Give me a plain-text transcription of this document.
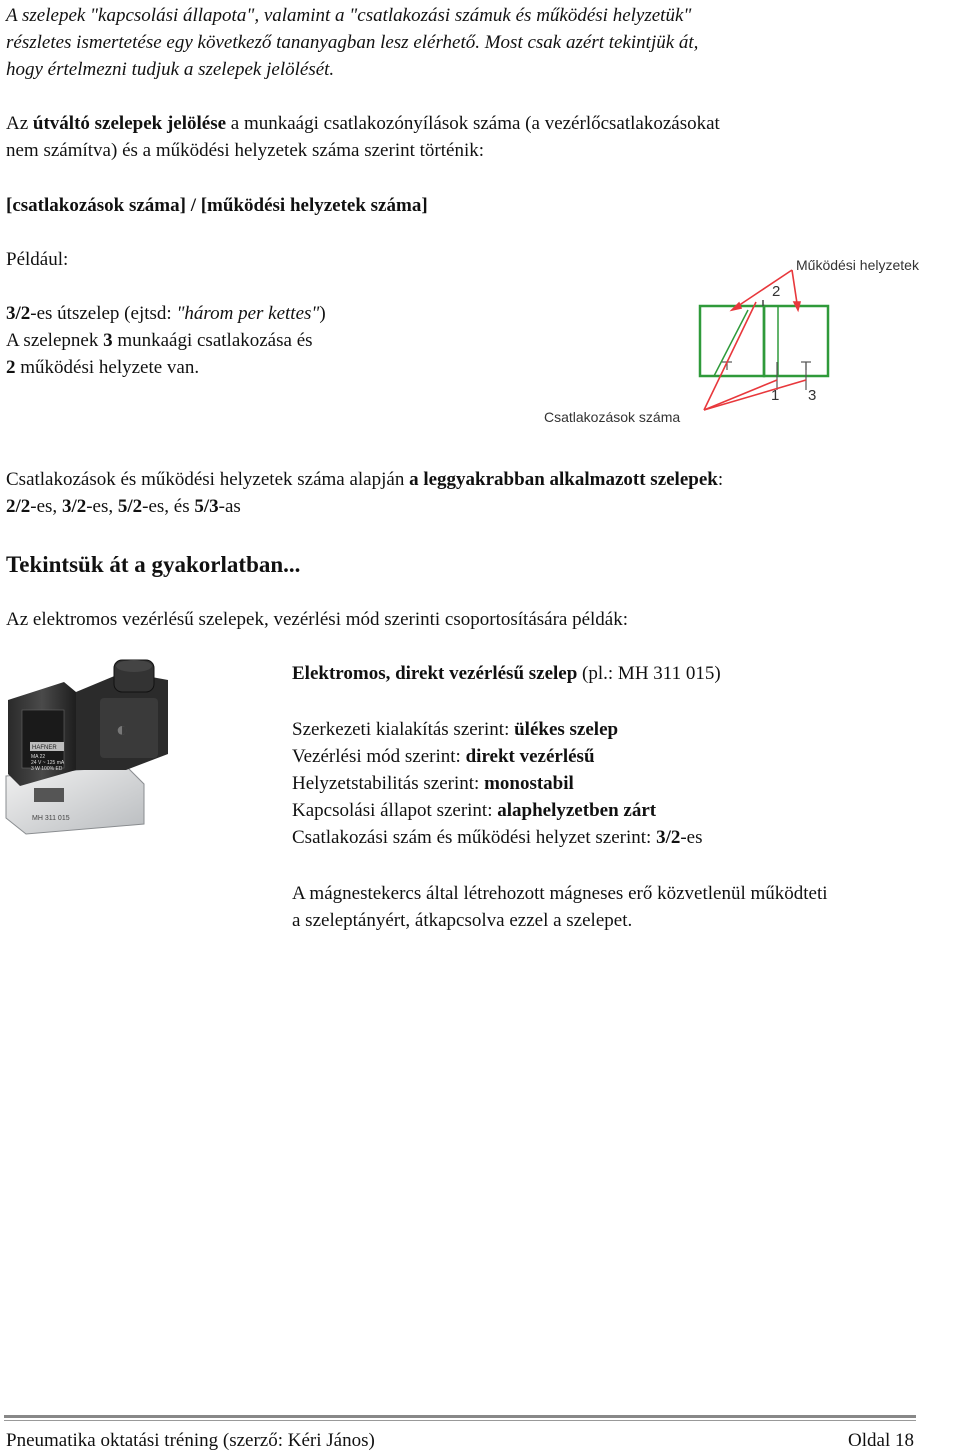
A szelepek "kapcsolási állapota", valamint a "csatlakozási számuk és működési helyzetük"
részletes ismertetése egy következő tananyagban lesz elérhető. Most csak azért tekintjük át,
hogy értelmezni tudjuk a szelepek jelölését.
Az útváltó szelepek jelölése a munkaági csatlakozónyílások száma (a vezérlőcsatlakozásokat
nem számítva) és a működési helyzetek száma szerint történik:
[csatlakozások száma] / [működési helyzetek száma]
Például:
3/2-es útszelep (ejtsd: "három per kettes")
A szelepnek 3 munkaági csatlakozása és
2 működési helyzete van.
2
1 3
Működési helyzetek
Csatlakozások száma
Csatlakozások és működési helyzetek száma alapján a leggyakrabban alkalmazott szelepek:
2/2-es, 3/2-es, 5/2-es, és 5/3-as
Tekintsük át a gyakorlatban...
Az elektromos vezérlésű szelepek, vezérlési mód szerinti csoportosítására példák:
MH 311 015
HAFNER
MA 22
24 V ~ 125 mA
3 W 100% ED
◐
Elektromos, direkt vezérlésű szelep (pl.: MH 311 015)
Szerkezeti kialakítás szerint: ülékes szelep
Vezérlési mód szerint: direkt vezérlésű
Helyzetstabilitás szerint: monostabil
Kapcsolási állapot szerint: alaphelyzetben zárt
Csatlakozási szám és működési helyzet szerint: 3/2-es
A mágnestekercs által létrehozott mágneses erő közvetlenül működteti
a szeleptányért, átkapcsolva ezzel a szelepet.
Pneumatika oktatási tréning (szerző: Kéri János)	Oldal 18
